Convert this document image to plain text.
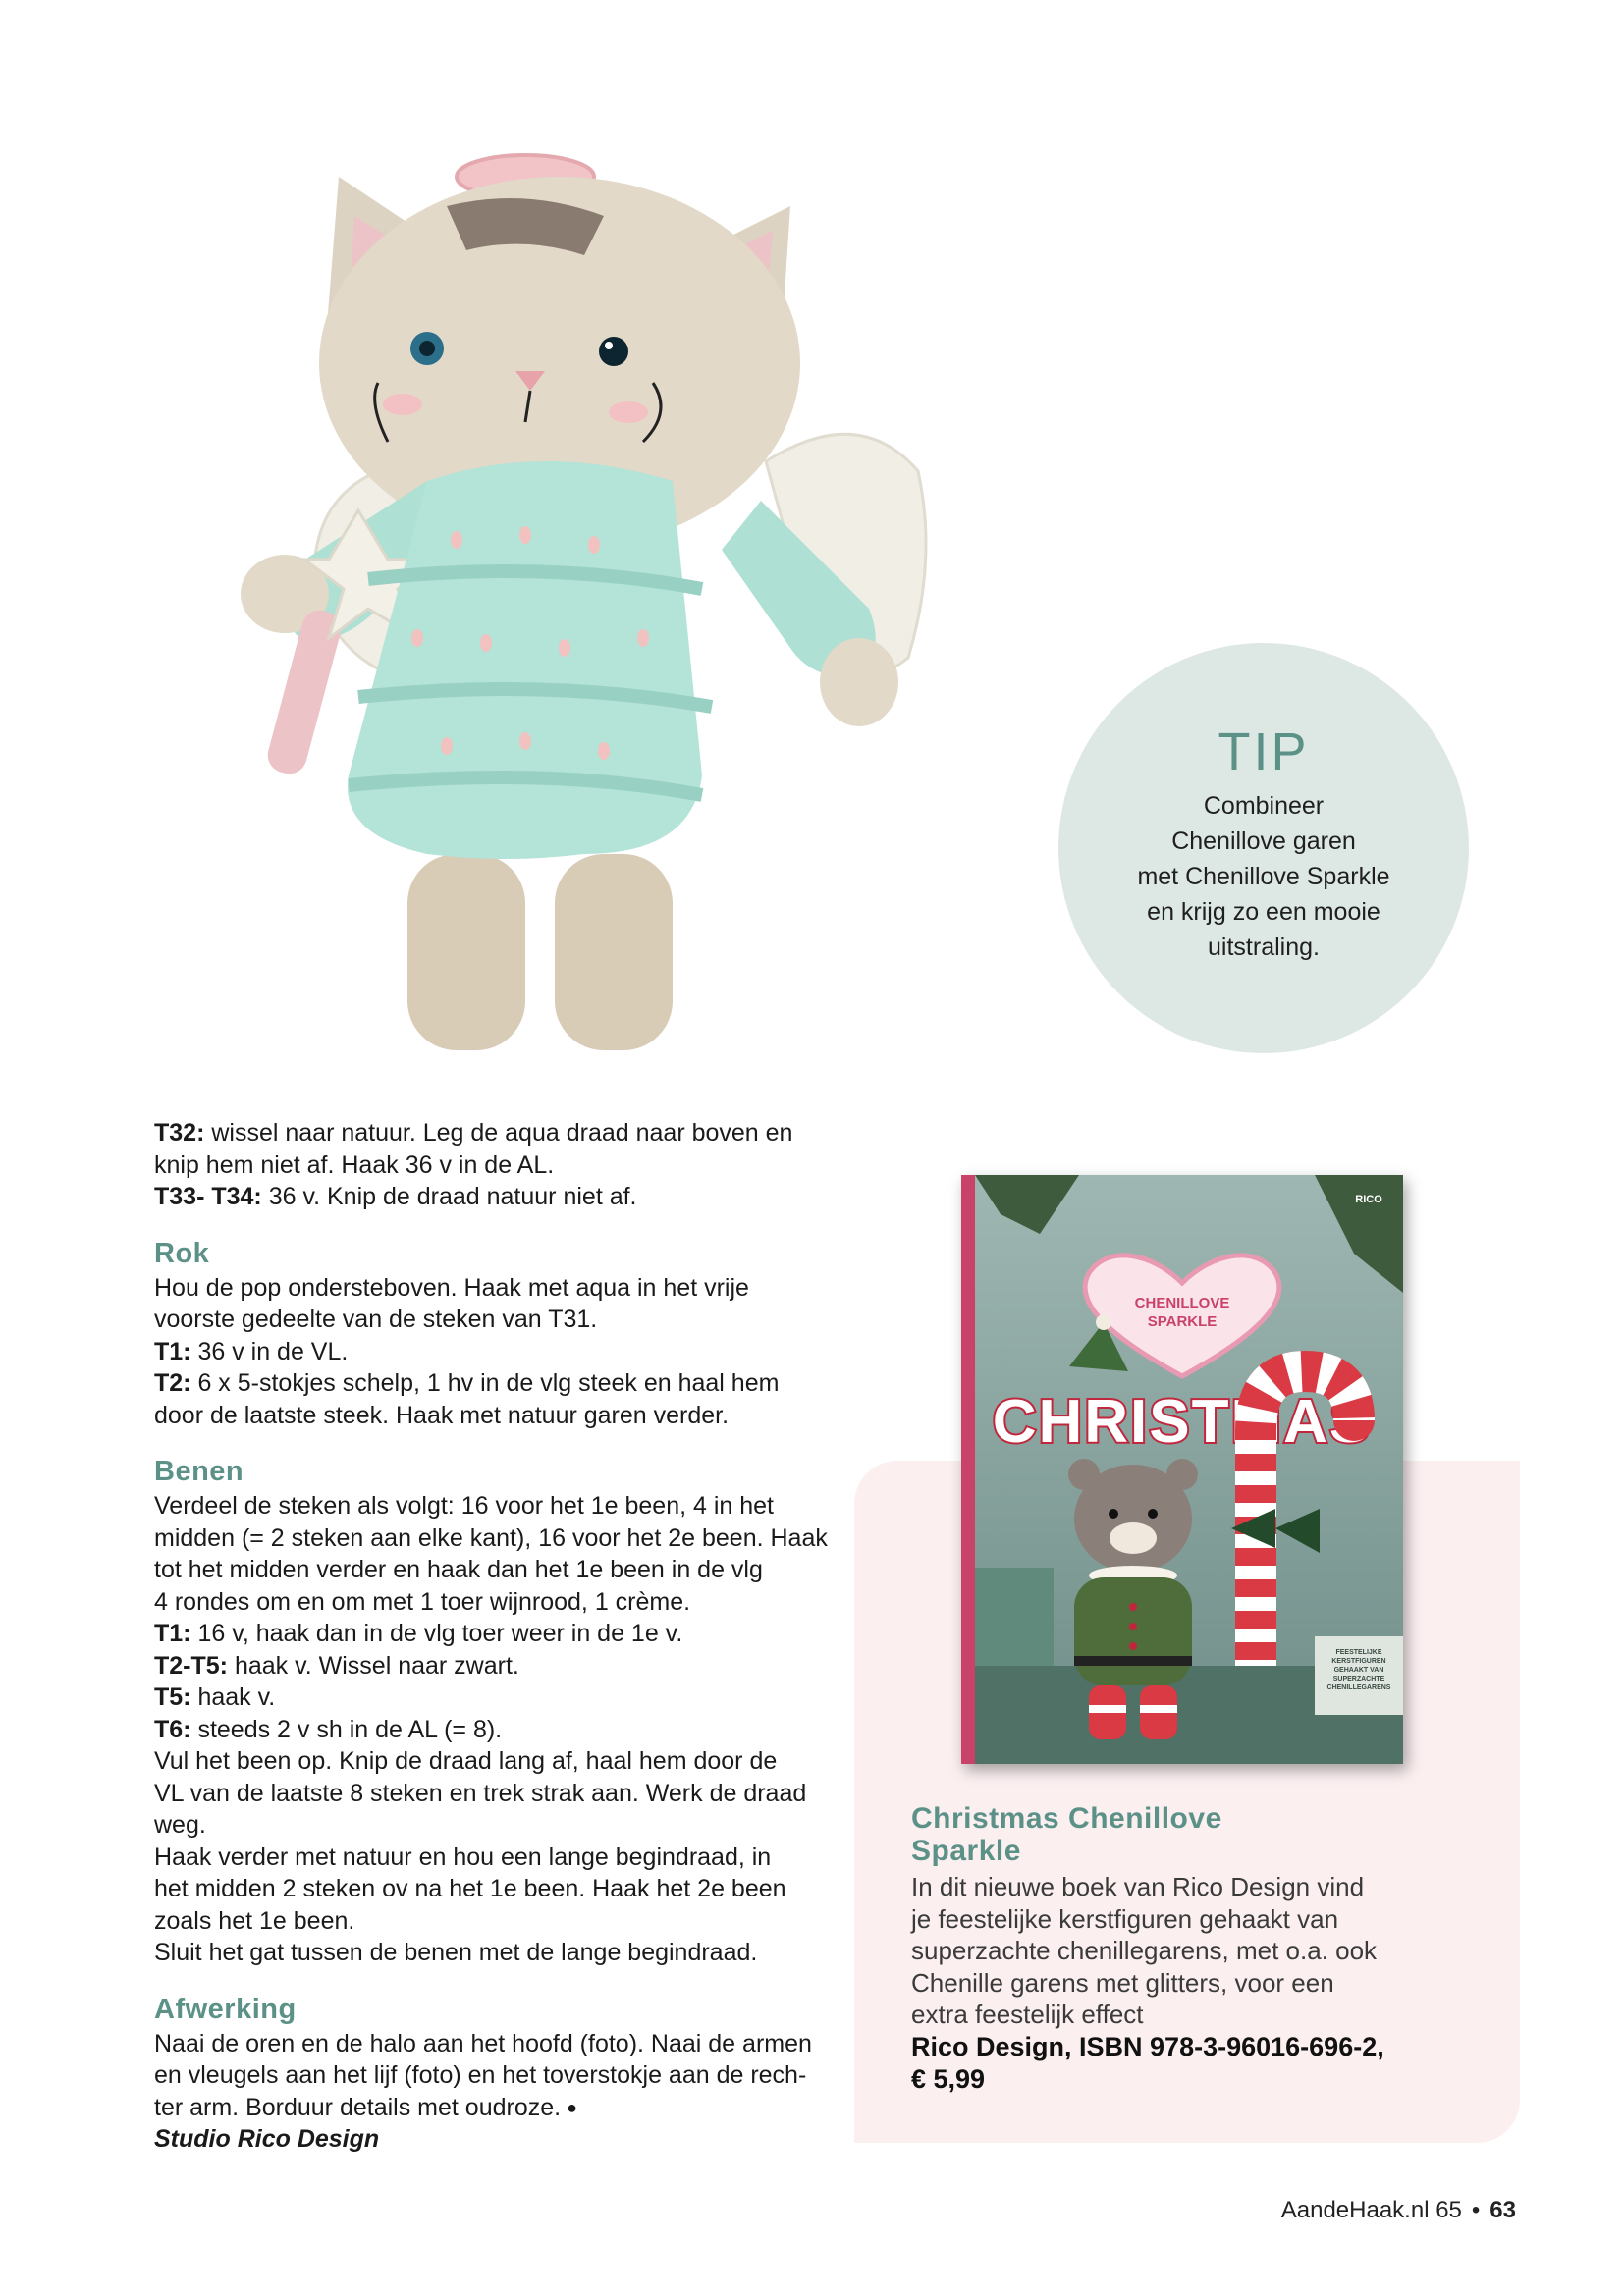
TIP
Combineer
Chenillove garen
met Chenillove Sparkle
en krijg zo een mooie
uitstraling.

T32: wissel naar natuur. Leg de aqua draad naar boven en

knip hem niet af. Haak 36 v in de AL.

T33- T34: 36 v. Knip de draad natuur niet af.

Rok

Hou de pop ondersteboven. Haak met aqua in het vrije

voorste gedeelte van de steken van T31.

T1: 36 v in de VL.

T2: 6 x 5-stokjes schelp, 1 hv in de vlg steek en haal hem

door de laatste steek. Haak met natuur garen verder.

Benen

Verdeel de steken als volgt: 16 voor het 1e been, 4 in het

midden (= 2 steken aan elke kant), 16 voor het 2e been. Haak

tot het midden verder en haak dan het 1e been in de vlg

4 rondes om en om met 1 toer wijnrood, 1 crème.

T1: 16 v, haak dan in de vlg toer weer in de 1e v.

T2-T5: haak v. Wissel naar zwart.

T5: haak v.

T6: steeds 2 v sh in de AL (= 8).

Vul het been op. Knip de draad lang af, haal hem door de

VL van de laatste 8 steken en trek strak aan. Werk de draad

weg.

Haak verder met natuur en hou een lange begindraad, in

het midden 2 steken ov na het 1e been. Haak het 2e been

zoals het 1e been.

Sluit het gat tussen de benen met de lange begindraad.

Afwerking

Naai de oren en de halo aan het hoofd (foto). Naai de armen

en vleugels aan het lijf (foto) en het toverstokje aan de rech-

ter arm. Borduur details met oudroze. ●

Studio Rico Design

CHENILLOVE
SPARKLE
RICO
CHRISTMAS
FEESTELIJKE
KERSTFIGUREN
GEHAAKT VAN
SUPERZACHTE
CHENILLEGARENS
Christmas Chenillove
Sparkle
In dit nieuwe boek van Rico Design vind
je feestelijke kerstfiguren gehaakt van
superzachte chenillegarens, met o.a. ook
Chenille garens met glitters, voor een
extra feestelijk effect
Rico Design, ISBN 978-3-96016-696-2,
€ 5,99
AandeHaak.nl 65 • 63
